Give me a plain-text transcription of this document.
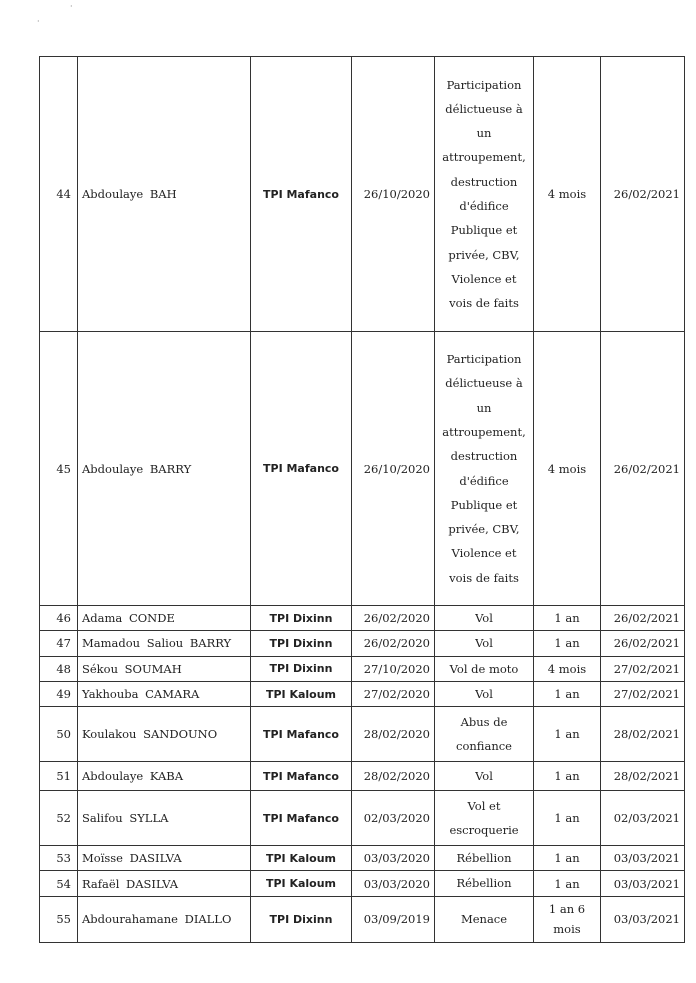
·
·
44	Abdoulaye BAH	TPI Mafanco	26/10/2020	Participation délictueuse à un attroupement, destruction d'édifice Publique et privée, CBV, Violence et vois de faits	4 mois	26/02/2021
45	Abdoulaye BARRY	TPI Mafanco	26/10/2020	Participation délictueuse à un attroupement, destruction d'édifice Publique et privée, CBV, Violence et vois de faits	4 mois	26/02/2021
46	Adama CONDE	TPI Dixinn	26/02/2020	Vol	1 an	26/02/2021
47	Mamadou Saliou BARRY	TPI Dixinn	26/02/2020	Vol	1 an	26/02/2021
48	Sékou SOUMAH	TPI Dixinn	27/10/2020	Vol de moto	4 mois	27/02/2021
49	Yakhouba CAMARA	TPI Kaloum	27/02/2020	Vol	1 an	27/02/2021
50	Koulakou SANDOUNO	TPI Mafanco	28/02/2020	Abus de confiance	1 an	28/02/2021
51	Abdoulaye KABA	TPI Mafanco	28/02/2020	Vol	1 an	28/02/2021
52	Salifou SYLLA	TPI Mafanco	02/03/2020	Vol et escroquerie	1 an	02/03/2021
53	Moïsse DASILVA	TPI Kaloum	03/03/2020	Rébellion	1 an	03/03/2021
54	Rafaël DASILVA	TPI Kaloum	03/03/2020	Rébellion	1 an	03/03/2021
55	Abdourahamane DIALLO	TPI Dixinn	03/09/2019	Menace	1 an 6 mois	03/03/2021
